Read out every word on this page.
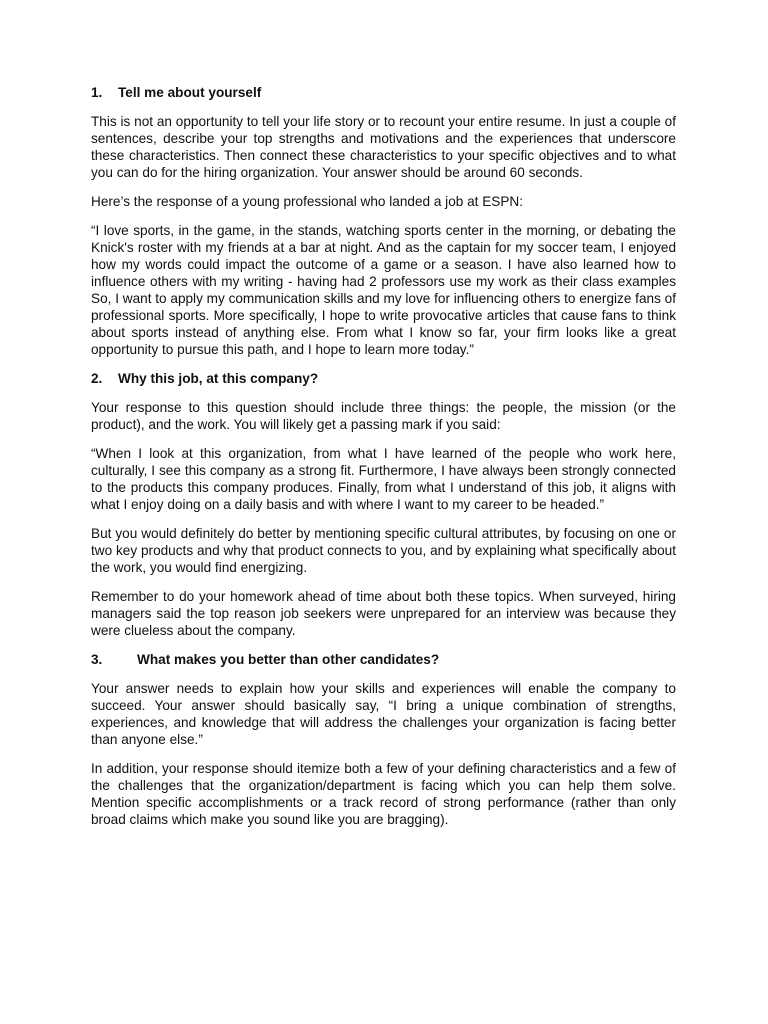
1.	Tell me about yourself

This is not an opportunity to tell your life story or to recount your entire resume. In just a couple of sentences, describe your top strengths and motivations and the experiences that underscore these characteristics. Then connect these characteristics to your specific objectives and to what you can do for the hiring organization. Your answer should be around 60 seconds.

Here’s the response of a young professional who landed a job at ESPN:

“I love sports, in the game, in the stands, watching sports center in the morning, or debating the Knick's roster with my friends at a bar at night. And as the captain for my soccer team, I enjoyed how my words could impact the outcome of a game or a season. I have also learned how to influence others with my writing - having had 2 professors use my work as their class examples So, I want to apply my communication skills and my love for influencing others to energize fans of professional sports. More specifically, I hope to write provocative articles that cause fans to think about sports instead of anything else. From what I know so far, your firm looks like a great opportunity to pursue this path, and I hope to learn more today.”

2.	Why this job, at this company?

Your response to this question should include three things: the people, the mission (or the product), and the work. You will likely get a passing mark if you said:

“When I look at this organization, from what I have learned of the people who work here, culturally, I see this company as a strong fit. Furthermore, I have always been strongly connected to the products this company produces. Finally, from what I understand of this job, it aligns with what I enjoy doing on a daily basis and with where I want to my career to be headed.”

But you would definitely do better by mentioning specific cultural attributes, by focusing on one or two key products and why that product connects to you, and by explaining what specifically about the work, you would find energizing.

Remember to do your homework ahead of time about both these topics. When surveyed, hiring managers said the top reason job seekers were unprepared for an interview was because they were clueless about the company.

3.	What makes you better than other candidates?

Your answer needs to explain how your skills and experiences will enable the company to succeed. Your answer should basically say, “I bring a unique combination of strengths, experiences, and knowledge that will address the challenges your organization is facing better than anyone else.”

In addition, your response should itemize both a few of your defining characteristics and a few of the challenges that the organization/department is facing which you can help them solve. Mention specific accomplishments or a track record of strong performance (rather than only broad claims which make you sound like you are bragging).
